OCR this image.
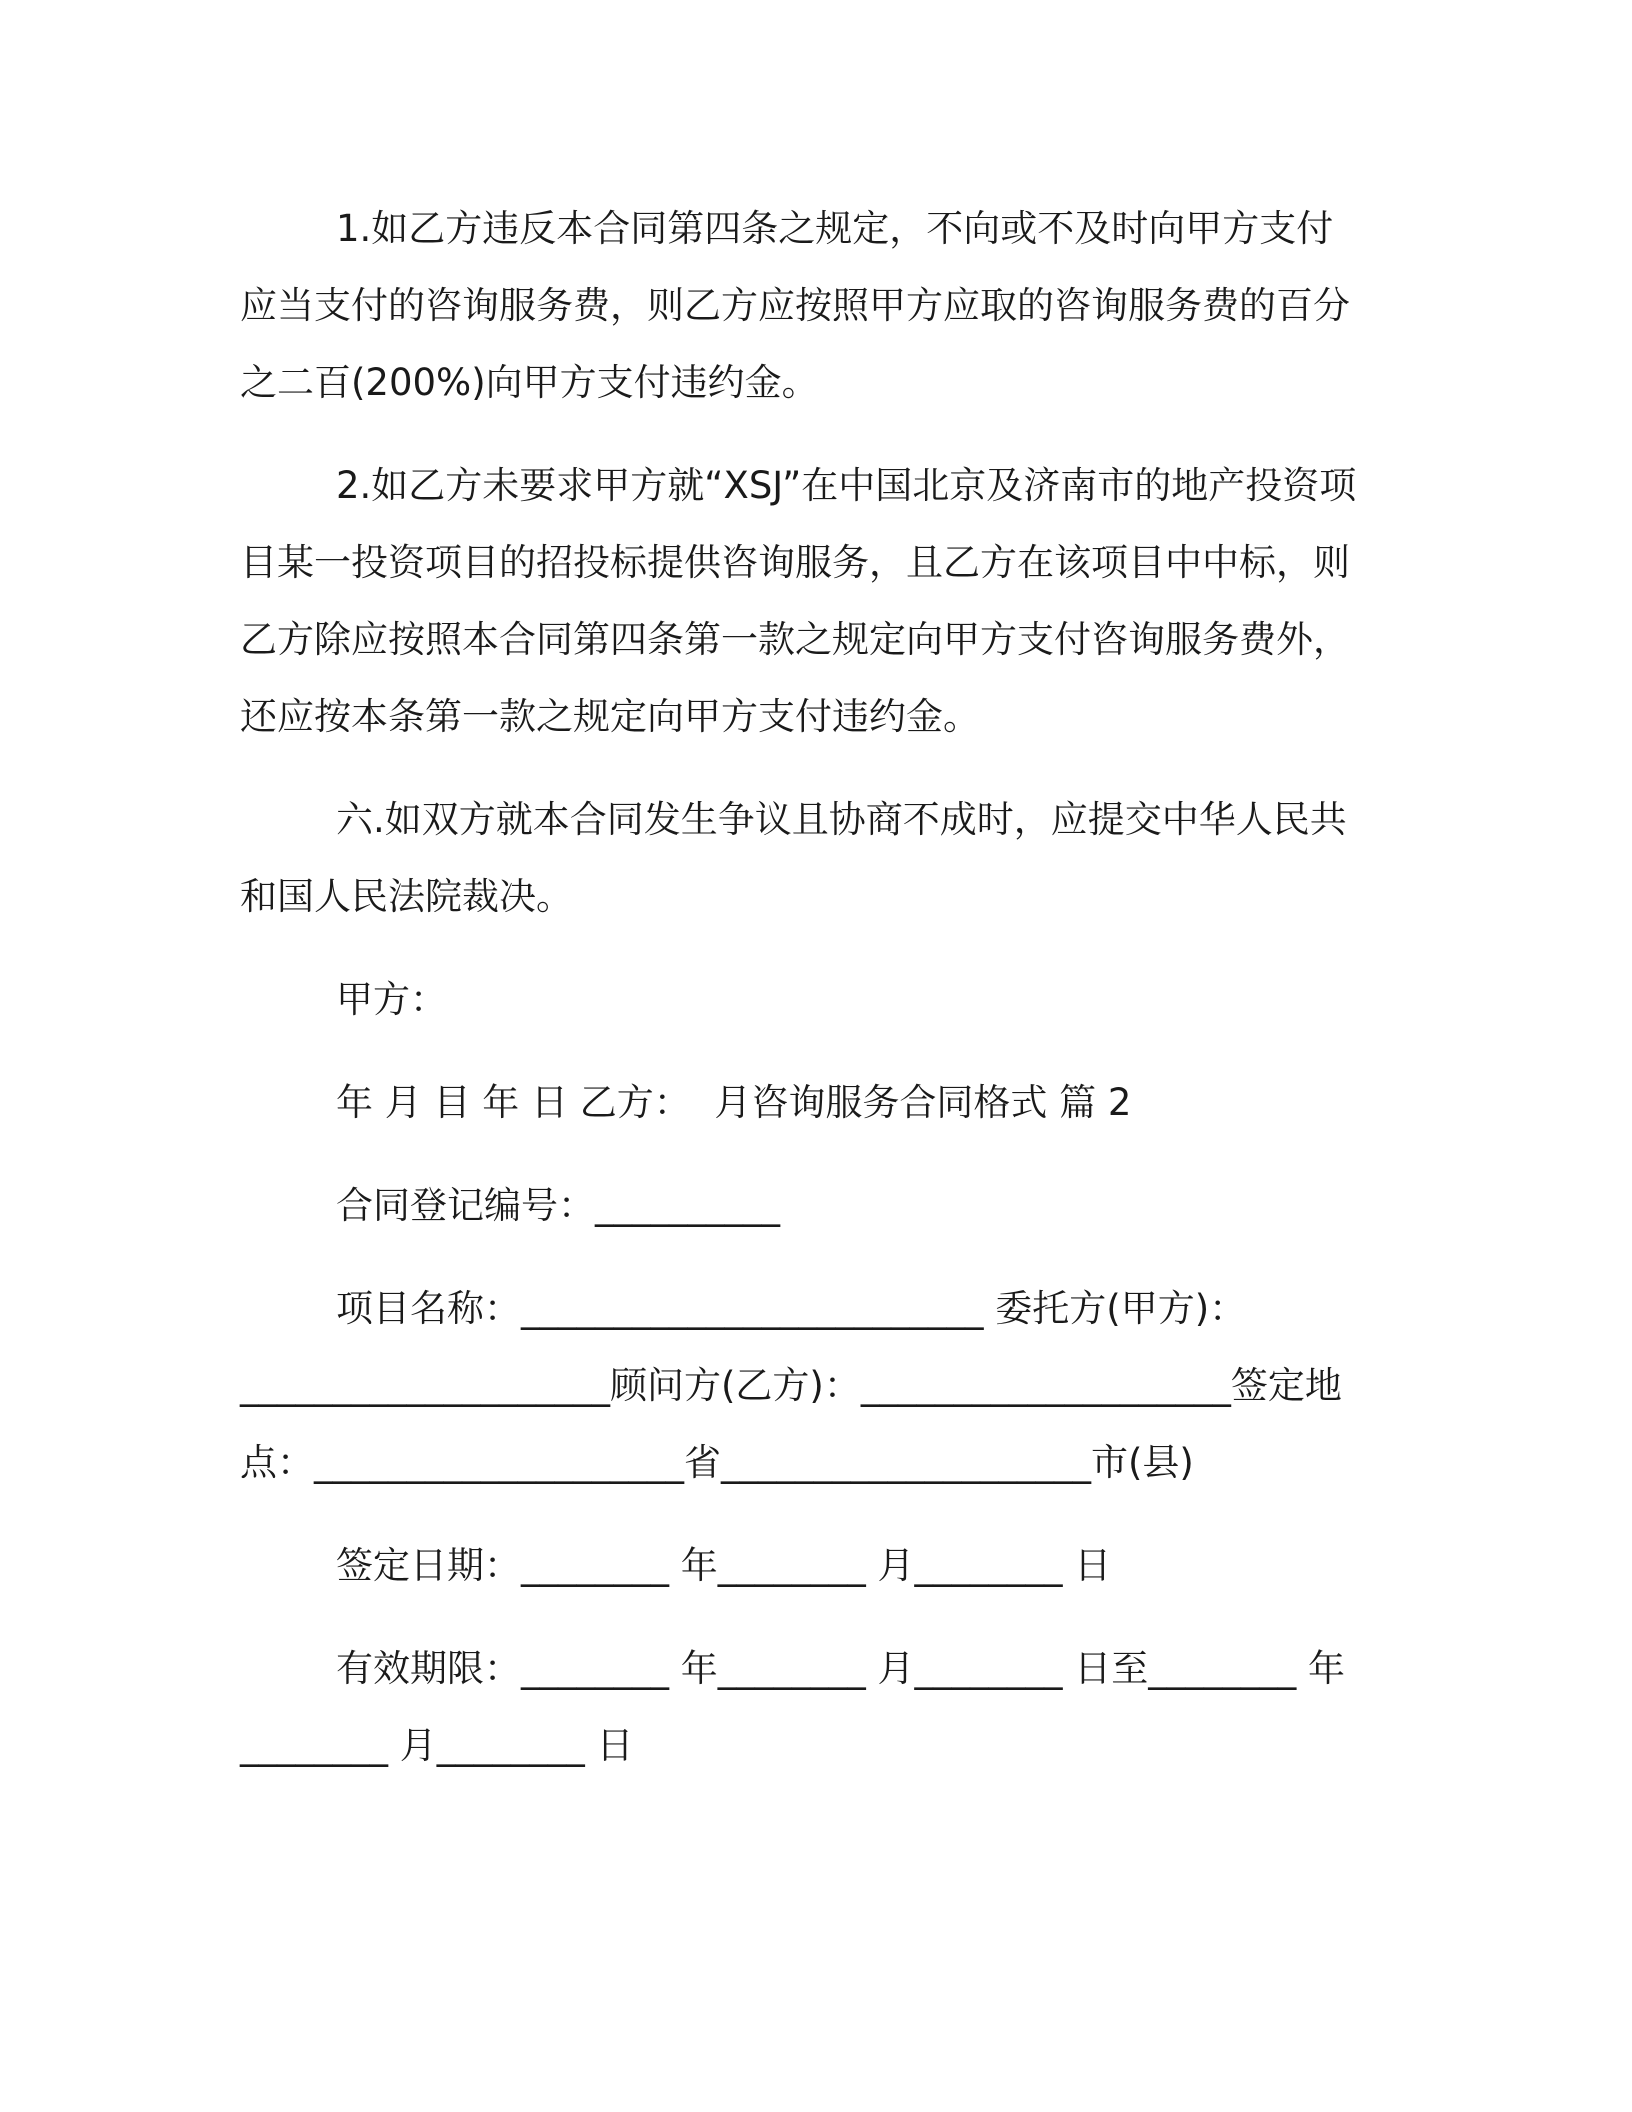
1.如乙方违反本合同第四条之规定，不向或不及时向甲方支付应当支付的咨询服务费，则乙方应按照甲方应取的咨询服务费的百分之二百(200%)向甲方支付违约金。

2.如乙方未要求甲方就“XSJ”在中国北京及济南市的地产投资项目某一投资项目的招投标提供咨询服务，且乙方在该项目中中标，则乙方除应按照本合同第四条第一款之规定向甲方支付咨询服务费外，还应按本条第一款之规定向甲方支付违约金。

六.如双方就本合同发生争议且协商不成时，应提交中华人民共和国人民法院裁决。

甲方：

年 月 目 年 日 乙方：  月咨询服务合同格式 篇 2

合同登记编号：__________

项目名称：_________________________ 委托方(甲方)：____________________顾问方(乙方)：____________________签定地点：____________________省____________________市(县)

签定日期：________ 年________ 月________ 日

有效期限：________ 年________ 月________ 日至________ 年________ 月________ 日
